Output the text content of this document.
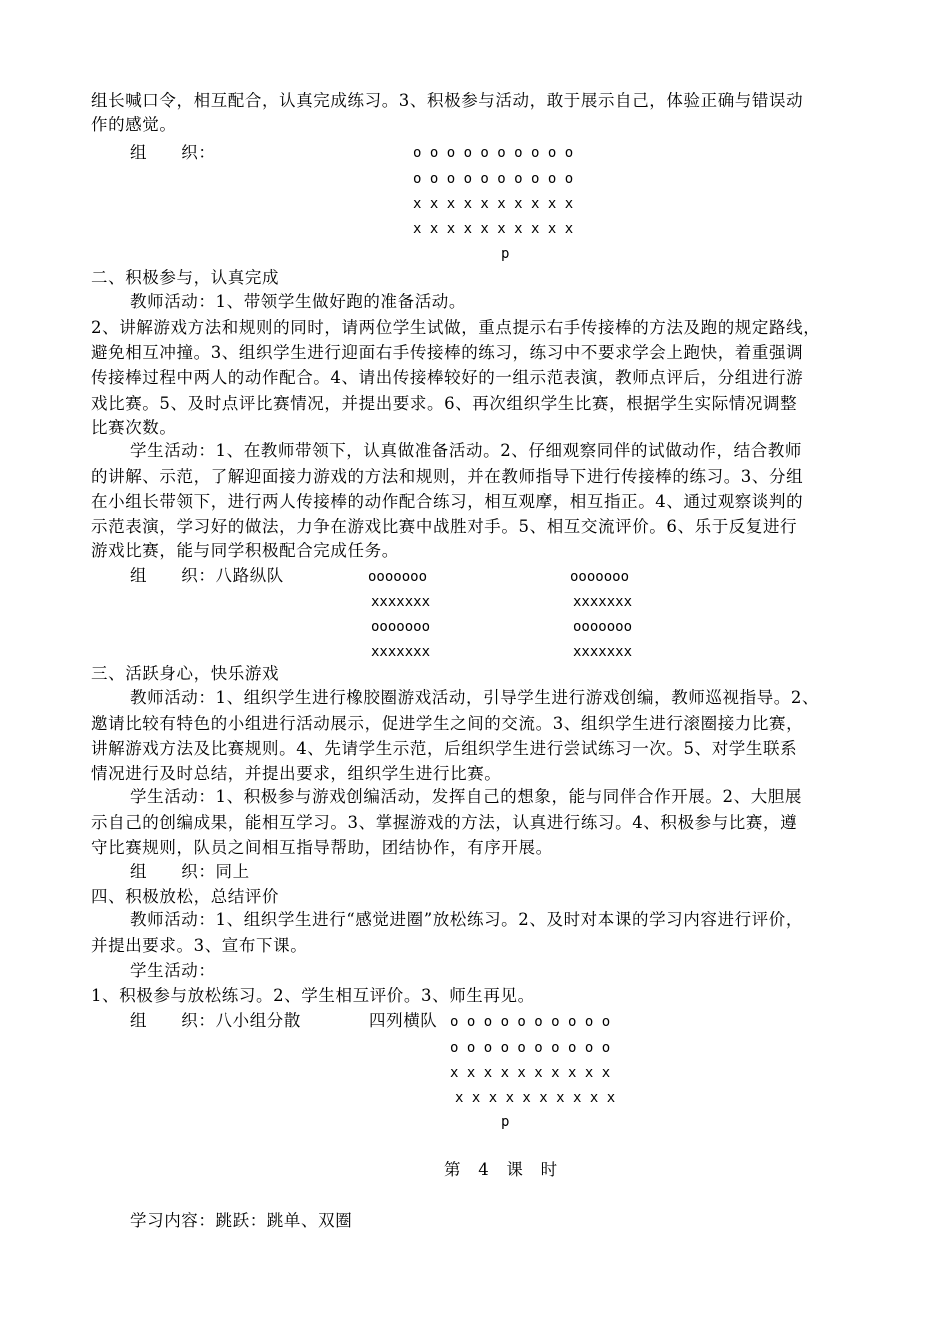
组长喊口令，相互配合，认真完成练习。3、积极参与活动，敢于展示自己，体验正确与错误动
作的感觉。
组　　织：	o o o o o o o o o o
o o o o o o o o o o
x x x x x x x x x x
x x x x x x x x x x
p
二、积极参与，认真完成
教师活动：1、带领学生做好跑的准备活动。
2、讲解游戏方法和规则的同时，请两位学生试做，重点提示右手传接棒的方法及跑的规定路线，
避免相互冲撞。3、组织学生进行迎面右手传接棒的练习，练习中不要求学会上跑快，着重强调
传接棒过程中两人的动作配合。4、请出传接棒较好的一组示范表演，教师点评后，分组进行游
戏比赛。5、及时点评比赛情况，并提出要求。6、再次组织学生比赛，根据学生实际情况调整
比赛次数。
学生活动：1、在教师带领下，认真做准备活动。2、仔细观察同伴的试做动作，结合教师
的讲解、示范，了解迎面接力游戏的方法和规则，并在教师指导下进行传接棒的练习。3、分组
在小组长带领下，进行两人传接棒的动作配合练习，相互观摩，相互指正。4、通过观察谈判的
示范表演，学习好的做法，力争在游戏比赛中战胜对手。5、相互交流评价。6、乐于反复进行
游戏比赛，能与同学积极配合完成任务。
组　　织：八路纵队	ooooooo
xxxxxxx
ooooooo
xxxxxxx
ooooooo
xxxxxxx
ooooooo
xxxxxxx
三、活跃身心，快乐游戏
教师活动：1、组织学生进行橡胶圈游戏活动，引导学生进行游戏创编，教师巡视指导。2、
邀请比较有特色的小组进行活动展示，促进学生之间的交流。3、组织学生进行滚圈接力比赛，
讲解游戏方法及比赛规则。4、先请学生示范，后组织学生进行尝试练习一次。5、对学生联系
情况进行及时总结，并提出要求，组织学生进行比赛。
学生活动：1、积极参与游戏创编活动，发挥自己的想象，能与同伴合作开展。2、大胆展
示自己的创编成果，能相互学习。3、掌握游戏的方法，认真进行练习。4、积极参与比赛，遵
守比赛规则，队员之间相互指导帮助，团结协作，有序开展。
组　　织：同上
四、积极放松，总结评价
教师活动：1、组织学生进行“感觉进圈”放松练习。2、及时对本课的学习内容进行评价，
并提出要求。3、宣布下课。
学生活动：
1、积极参与放松练习。2、学生相互评价。3、师生再见。
组　　织：八小组分散	四列横队 o o o o o o o o o o
o o o o o o o o o o
x x x x x x x x x x
x x x x x x x x x x
p
第　4　课　时
学习内容：跳跃：跳单、双圈
